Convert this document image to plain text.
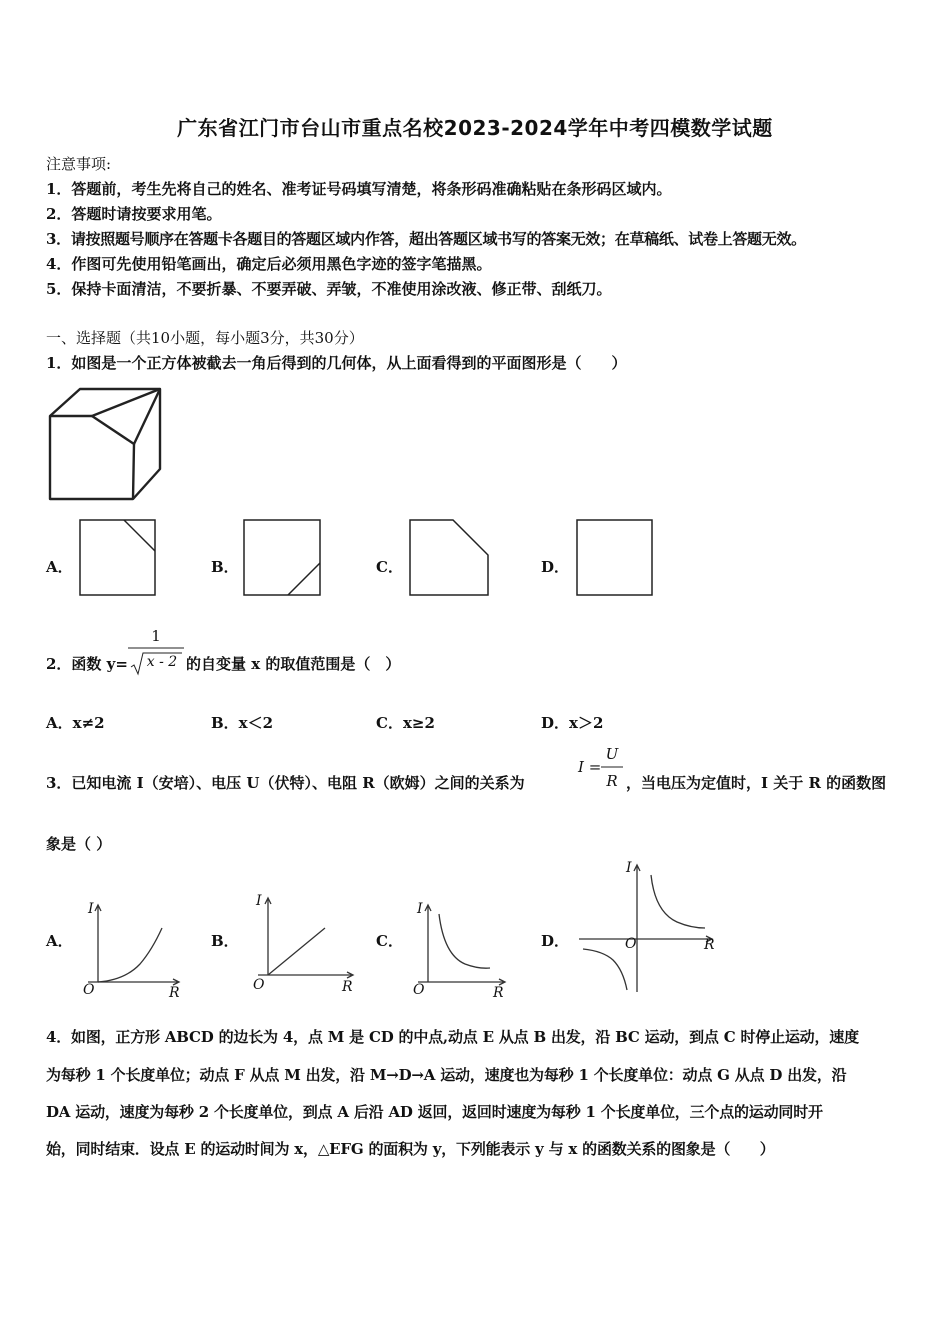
广东省江门市台山市重点名校2023-2024学年中考四模数学试题
注意事项:
1．答题前，考生先将自己的姓名、准考证号码填写清楚，将条形码准确粘贴在条形码区域内。
2．答题时请按要求用笔。
3．请按照题号顺序在答题卡各题目的答题区域内作答，超出答题区域书写的答案无效；在草稿纸、试卷上答题无效。
4．作图可先使用铅笔画出，确定后必须用黑色字迹的签字笔描黑。
5．保持卡面清洁，不要折暴、不要弄破、弄皱，不准使用涂改液、修正带、刮纸刀。
一、选择题（共10小题，每小题3分，共30分）
1．如图是一个正方体被截去一角后得到的几何体，从上面看得到的平面图形是（　　）
A．	B．	C．	D．
2．函数 y=
1
x - 2 的自变量 x 的取值范围是（　）
A．x≠2	B．x＜2	C．x≥2	D．x＞2
3．已知电流 I（安培）、电压 U（伏特）、电阻 R（欧姆）之间的关系为
I =
U
R ，当电压为定值时，I 关于 R 的函数图
象是（ ）
A．
I
O	R
B．
I
O	R
C．
I
O	R
D．
I
O	R
4．如图，正方形 ABCD 的边长为 4，点 M 是 CD 的中点,动点 E 从点 B 出发，沿 BC 运动，到点 C 时停止运动，速度
为每秒 1 个长度单位；动点 F 从点 M 出发，沿 M→D→A 运动，速度也为每秒 1 个长度单位：动点 G 从点 D 出发，沿
DA 运动，速度为每秒 2 个长度单位，到点 A 后沿 AD 返回，返回时速度为每秒 1 个长度单位，三个点的运动同时开
始，同时结束．设点 E 的运动时间为 x，△EFG 的面积为 y，下列能表示 y 与 x 的函数关系的图象是（　　）
